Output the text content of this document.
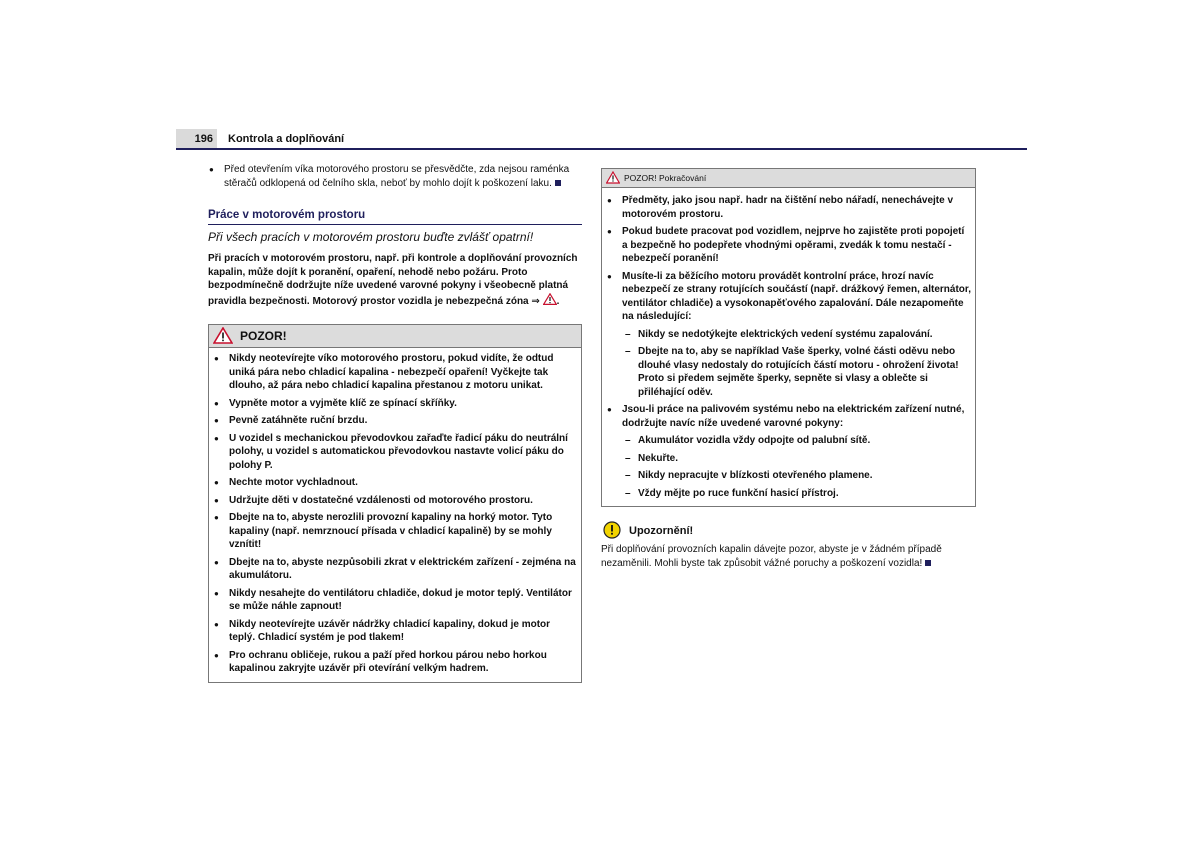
196	Kontrola a doplňování

● Před otevřením víka motorového prostoru se přesvědčte, zda nejsou raménka stěračů odklopená od čelního skla, neboť by mohlo dojít k poškození laku.

Práce v motorovém prostoru
Při všech pracích v motorovém prostoru buďte zvlášť opatrní!

Při pracích v motorovém prostoru, např. při kontrole a doplňování provozních kapalin, může dojít k poranění, opaření, nehodě nebo požáru. Proto bezpodmínečně dodržujte níže uvedené varovné pokyny i všeobecně platná pravidla bezpečnosti. Motorový prostor vozidla je nebezpečná zóna ⇒ .

POZOR!

● Nikdy neotevírejte víko motorového prostoru, pokud vidíte, že odtud uniká pára nebo chladicí kapalina - nebezpečí opaření! Vyčkejte tak dlouho, až pára nebo chladicí kapalina přestanou z motoru unikat.

● Vypněte motor a vyjměte klíč ze spínací skříňky.

● Pevně zatáhněte ruční brzdu.

● U vozidel s mechanickou převodovkou zařaďte řadicí páku do neutrální polohy, u vozidel s automatickou převodovkou nastavte volicí páku do polohy P.

● Nechte motor vychladnout.

● Udržujte děti v dostatečné vzdálenosti od motorového prostoru.

● Dbejte na to, abyste nerozlili provozní kapaliny na horký motor. Tyto kapaliny (např. nemrznoucí přísada v chladicí kapalině) by se mohly vznítit!

● Dbejte na to, abyste nezpůsobili zkrat v elektrickém zařízení - zejména na akumulátoru.

● Nikdy nesahejte do ventilátoru chladiče, dokud je motor teplý. Ventilátor se může náhle zapnout!

● Nikdy neotevírejte uzávěr nádržky chladicí kapaliny, dokud je motor teplý. Chladicí systém je pod tlakem!

● Pro ochranu obličeje, rukou a paží před horkou párou nebo horkou kapalinou zakryjte uzávěr při otevírání velkým hadrem.

POZOR! Pokračování

● Předměty, jako jsou např. hadr na čištění nebo nářadí, nenechávejte v motorovém prostoru.

● Pokud budete pracovat pod vozidlem, nejprve ho zajistěte proti popojetí a bezpečně ho podepřete vhodnými opěrami, zvedák k tomu nestačí - nebezpečí poranění!

● Musíte-li za běžícího motoru provádět kontrolní práce, hrozí navíc nebezpečí ze strany rotujících součástí (např. drážkový řemen, alternátor, ventilátor chladiče) a vysokonapěťového zapalování. Dále nezapomeňte na následující:

– Nikdy se nedotýkejte elektrických vedení systému zapalování.

– Dbejte na to, aby se například Vaše šperky, volné části oděvu nebo dlouhé vlasy nedostaly do rotujících částí motoru - ohrožení života! Proto si předem sejměte šperky, sepněte si vlasy a oblečte si přiléhající oděv.

● Jsou-li práce na palivovém systému nebo na elektrickém zařízení nutné, dodržujte navíc níže uvedené varovné pokyny:

– Akumulátor vozidla vždy odpojte od palubní sítě.

– Nekuřte.

– Nikdy nepracujte v blízkosti otevřeného plamene.

– Vždy mějte po ruce funkční hasicí přístroj.

Upozornění!

Při doplňování provozních kapalin dávejte pozor, abyste je v žádném případě nezaměnili. Mohli byste tak způsobit vážné poruchy a poškození vozidla!
